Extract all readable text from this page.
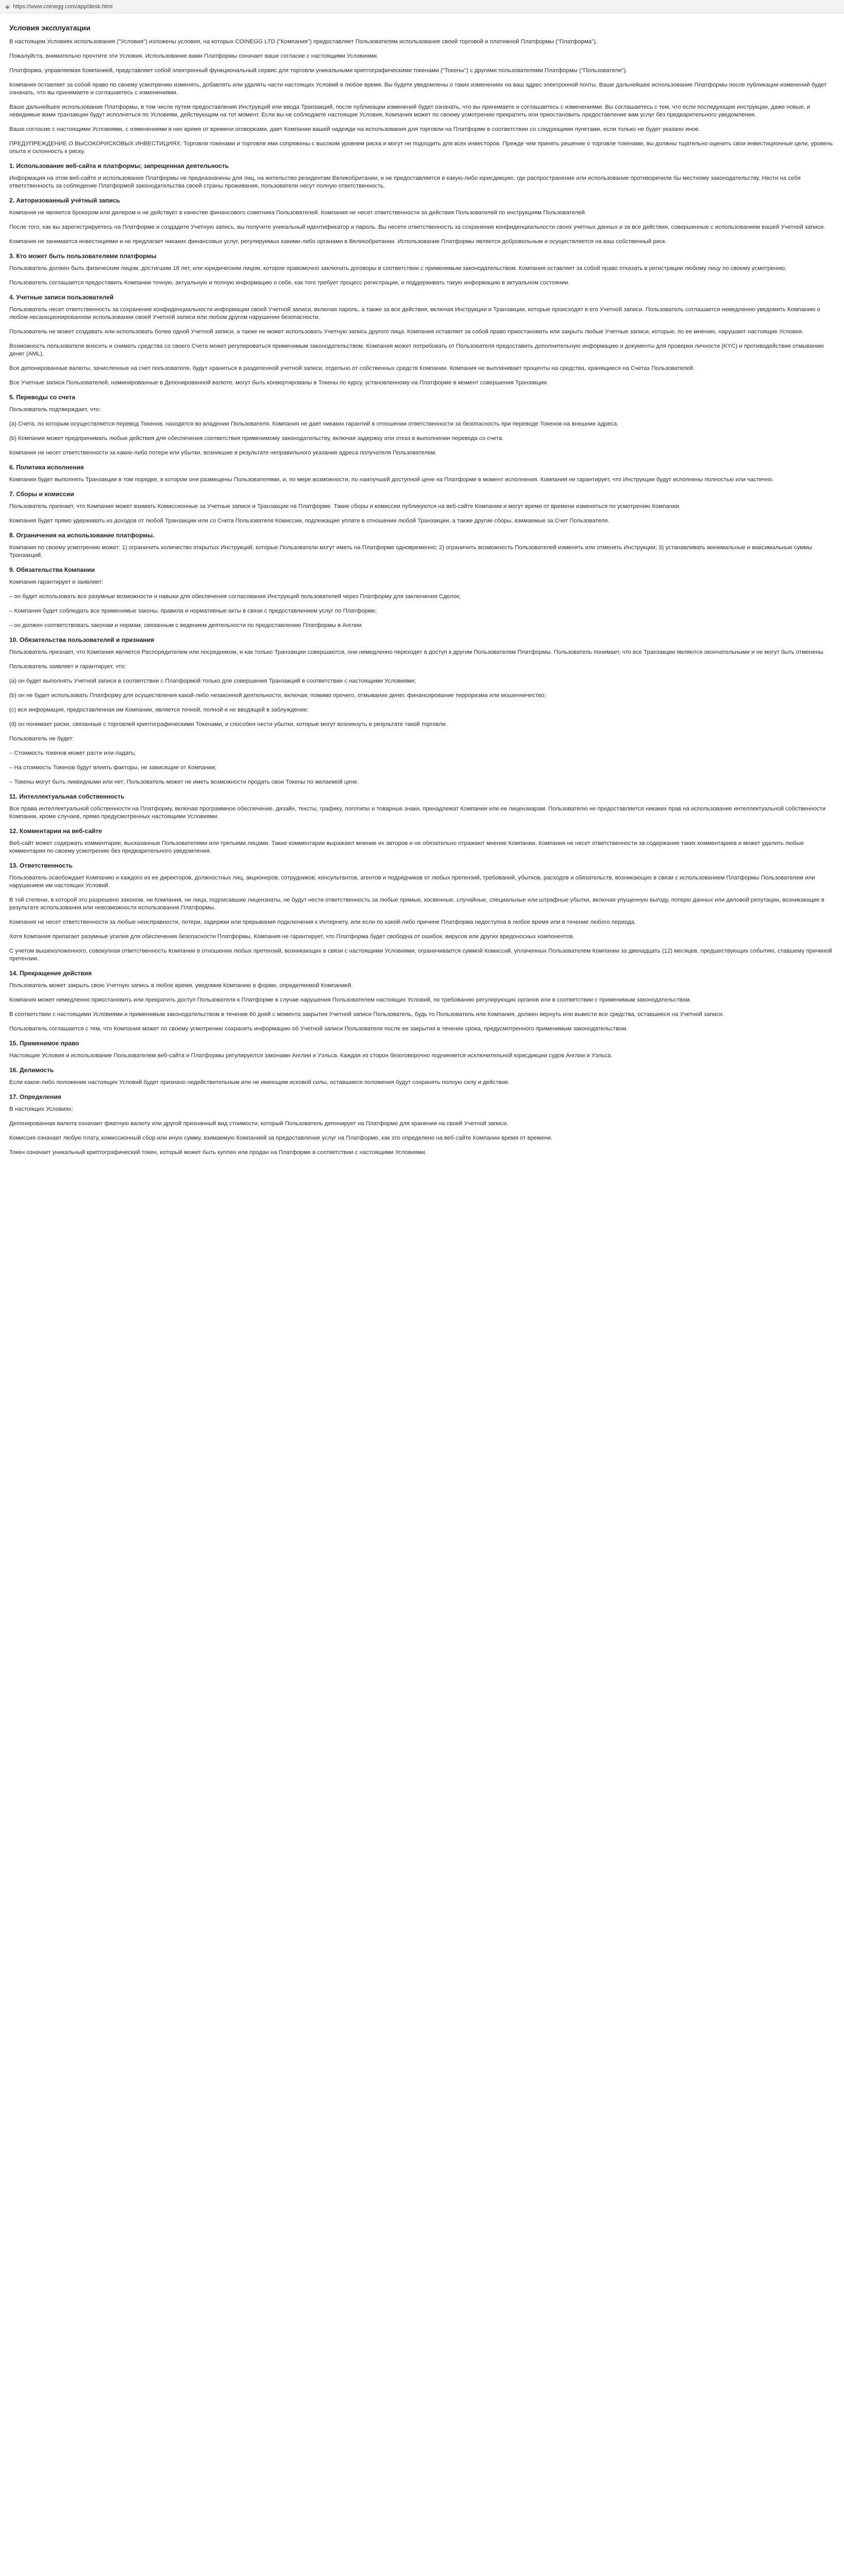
◈ https://www.coinegg.com/app/desk.html
Условия эксплуатации

В настоящем Условиях использования ("Условия") изложены условия, на которых COINEGG LTD ("Компания") предоставляет Пользователям использование своей торговой и платежной Платформы ("Платформа").

Пожалуйста, внимательно прочтите эти Условия. Использование вами Платформы означает ваше согласие с настоящими Условиями.

Платформа, управляемая Компанией, представляет собой электронный функциональный сервис для торговли уникальными криптографическими токенами ("Токены") с другими пользователями Платформы ("Пользователи").

Компания оставляет за собой право по своему усмотрению изменять, добавлять или удалять части настоящих Условий в любое время. Вы будете уведомлены о таких изменениях на ваш адрес электронной почты. Ваше дальнейшее использование Платформы после публикации изменений будет означать, что вы принимаете и соглашаетесь с изменениями.

Ваше дальнейшее использование Платформы, в том числе путем предоставления Инструкций или ввода Транзакций, после публикации изменений будет означать, что вы принимаете и соглашаетесь с изменениями. Вы соглашаетесь с тем, что если последующие инструкции, даже новые, и невидимые вами транзакции будут исполняться по Условиям, действующим на тот момент. Если вы не соблюдаете настоящие Условия, Компания может по своему усмотрению прекратить или приостановить предоставление вам услуг без предварительного уведомления.

Ваше согласие с настоящими Условиями, с изменениями в них время от времени оговорками, дает Компании вашей надежде на использования для торговли на Платформе в соответствии со следующими пунктами, если только не будет указано иное.

ПРЕДУПРЕЖДЕНИЕ О ВЫСОКОРИСКОВЫХ ИНВЕСТИЦИЯХ: Торговля токенами и торговля ими сопряжены с высоким уровнем риска и могут не подходить для всех инвесторов. Прежде чем принять решение о торговле токенами, вы должны тщательно оценить свои инвестиционные цели, уровень опыта и склонность к риску.

1. Использование веб-сайта и платформы; запрещенная деятельность

Информация на этом веб-сайте и использование Платформы не предназначены для лиц, на жительство резидентам Великобритании, и не предоставляется в какую-либо юрисдикцию, где распространение или использование противоречили бы местному законодательству. Нести на себя ответственность за соблюдение Платформой законодательства своей страны проживания, пользователи несут полную ответственность.

2. Авторизованный учётный запись

Компания не является брокером или дилером и не действует в качестве финансового советника Пользователей. Компания не несет ответственности за действия Пользователей по инструкциям Пользователей.

После того, как вы зарегистрируетесь на Платформе и создадите Учетную запись, вы получите уникальный идентификатор и пароль. Вы несете ответственность за сохранение конфиденциальности своих учетных данных и за все действия, совершенные с использованием вашей Учетной записи.

Компания не занимается инвестициями и не предлагает никаких финансовых услуг, регулируемых какими-либо органами в Великобритании. Использование Платформы является добровольным и осуществляется на ваш собственный риск.

3. Кто может быть пользователями платформы

Пользователь должен быть физическим лицом, достигшим 18 лет, или юридическим лицом, которое правомочно заключать договоры в соответствии с применимым законодательством. Компания оставляет за собой право отказать в регистрации любому лицу по своему усмотрению.

Пользователь соглашается предоставить Компании точную, актуальную и полную информацию о себе, как того требует процесс регистрации, и поддерживать такую информацию в актуальном состоянии.

4. Учетные записи пользователей

Пользователь несет ответственность за сохранение конфиденциальности информации своей Учетной записи, включая пароль, а также за все действия, включая Инструкции и Транзакции, которые происходят в его Учетной записи. Пользователь соглашается немедленно уведомить Компанию о любом несанкционированном использовании своей Учетной записи или любом другом нарушении безопасности.

Пользователь не может создавать или использовать более одной Учетной записи, а также не может использовать Учетную запись другого лица. Компания оставляет за собой право приостановить или закрыть любые Учетные записи, которые, по ее мнению, нарушают настоящие Условия.

Возможность пользователя вносить и снимать средства со своего Счета может регулироваться применимым законодательством. Компания может потребовать от Пользователя предоставить дополнительную информацию и документы для проверки личности (KYC) и противодействия отмыванию денег (AML).

Все депонированные валюты, зачисленные на счет пользователя, будут храниться в разделенной учетной записи, отдельно от собственных средств Компании. Компания не выплачивает проценты на средства, хранящиеся на Счетах Пользователей.

Все Учетные записи Пользователей, номинированные в Депонированной валюте, могут быть конвертированы в Токены по курсу, установленному на Платформе в момент совершения Транзакции.

5. Переводы со счета

Пользователь подтверждает, что:

(a) Счета, по которым осуществляется перевод Токенов, находятся во владении Пользователя. Компания не дает никаких гарантий в отношении ответственности за безопасность при переводе Токенов на внешние адреса.

(b) Компания может предпринимать любые действия для обеспечения соответствия применимому законодательству, включая задержку или отказ в выполнении перевода со счета.

Компания не несет ответственности за какие-либо потери или убытки, возникшие в результате неправильного указания адреса получателя Пользователем.

6. Политика исполнения

Компания будет выполнять Транзакции в том порядке, в котором они размещены Пользователями, и, по мере возможности, по наилучшей доступной цене на Платформе в момент исполнения. Компания не гарантирует, что Инструкции будут исполнены полностью или частично.

7. Сборы и комиссии

Пользователь признает, что Компания может взимать Комиссионные за Учетные записи и Транзакции на Платформе. Такие сборы и комиссии публикуются на веб-сайте Компании и могут время от времени изменяться по усмотрению Компании.

Компания будет прямо удерживать из доходов от любой Транзакции или со Счета Пользователя Комиссии, подлежащие уплате в отношении любой Транзакции, а также другие сборы, взимаемые за Счет Пользователя.

8. Ограничения на использование платформы.

Компания по своему усмотрению может: 1) ограничить количество открытых Инструкций, которые Пользователи могут иметь на Платформе одновременно; 2) ограничить возможность Пользователей изменять или отменять Инструкции; 3) устанавливать минимальные и максимальные суммы Транзакций.

9. Обязательства Компании

Компания гарантирует и заявляет:

– он будет использовать все разумные возможности и навыки для обеспечения согласования Инструкций пользователей через Платформу для заключения Сделок;

– Компания будет соблюдать все применимые законы, правила и нормативные акты в связи с предоставлением услуг по Платформе;

– он должен соответствовать законам и нормам, связанным с ведением деятельности по предоставлению Платформы в Англии.

10. Обязательства пользователей и признания

Пользователь признает, что Компания является Распорядителем или посредником, и как только Транзакции совершаются, они немедленно переходят в доступ к другим Пользователям Платформы. Пользователь понимает, что все Транзакции являются окончательными и не могут быть отменены.

Пользователь заявляет и гарантирует, что:

(a) он будет выполнять Учетной записи в соответствии с Платформой только для совершения Транзакций в соответствии с настоящими Условиями;

(b) он не будет использовать Платформу для осуществления какой-либо незаконной деятельности, включая, помимо прочего, отмывание денег, финансирование терроризма или мошенничество;

(c) вся информация, предоставленная им Компании, является точной, полной и не вводящей в заблуждение;

(d) он понимает риски, связанные с торговлей криптографическими Токенами, и способен нести убытки, которые могут возникнуть в результате такой торговли.

Пользователь не будет:

– Стоимость токенов может расти или падать;

– На стоимость Токенов будут влиять факторы, не зависящие от Компании;

– Токены могут быть ликвидными или нет; Пользователь может не иметь возможности продать свои Токены по желаемой цене.

11. Интеллектуальная собственность

Все права интеллектуальной собственности на Платформу, включая программное обеспечение, дизайн, тексты, графику, логотипы и товарные знаки, принадлежат Компании или ее лицензиарам. Пользователю не предоставляется никаких прав на использование интеллектуальной собственности Компании, кроме случаев, прямо предусмотренных настоящими Условиями.

12. Комментарии на веб-сайте

Веб-сайт может содержать комментарии, высказанные Пользователями или третьими лицами. Такие комментарии выражают мнение их авторов и не обязательно отражают мнение Компании. Компания не несет ответственности за содержание таких комментариев и может удалить любые комментарии по своему усмотрению без предварительного уведомления.

13. Ответственность

Пользователь освобождает Компанию и каждого из ее директоров, должностных лиц, акционеров, сотрудников, консультантов, агентов и подрядчиков от любых претензий, требований, убытков, расходов и обязательств, возникающих в связи с использованием Платформы Пользователем или нарушением им настоящих Условий.

В той степени, в которой это разрешено законом, ни Компания, ни лица, подписавшие лицензиаты, не будут нести ответственность за любые прямые, косвенные, случайные, специальные или штрафные убытки, включая упущенную выгоду, потерю данных или деловой репутации, возникающие в результате использования или невозможности использования Платформы.

Компания не несет ответственности за любые неисправности, потери, задержки или прерывания подключения к Интернету, или если по какой-либо причине Платформа недоступна в любое время или в течение любого периода.

Хотя Компания прилагает разумные усилия для обеспечения безопасности Платформы, Компания не гарантирует, что Платформа будет свободна от ошибок, вирусов или других вредоносных компонентов.

С учетом вышеизложенного, совокупная ответственность Компании в отношении любых претензий, возникающих в связи с настоящими Условиями, ограничивается суммой Комиссий, уплаченных Пользователем Компании за двенадцать (12) месяцев, предшествующих событию, ставшему причиной претензии.

14. Прекращение действия

Пользователь может закрыть свою Учетную запись в любое время, уведомив Компанию в форме, определяемой Компанией.

Компания может немедленно приостановить или прекратить доступ Пользователя к Платформе в случае нарушения Пользователем настоящих Условий, по требованию регулирующих органов или в соответствии с применимым законодательством.

В соответствии с настоящими Условиями и применимым законодательством в течение 60 дней с момента закрытия Учетной записи Пользователь, будь то Пользователь или Компания, должен вернуть или вывести все средства, оставшиеся на Учетной записи.

Пользователь соглашается с тем, что Компания может по своему усмотрению сохранять информацию об Учетной записи Пользователя после ее закрытия в течение срока, предусмотренного применимым законодательством.

15. Применимое право

Настоящие Условия и использование Пользователем веб-сайта и Платформы регулируются законами Англии и Уэльса. Каждая из сторон безоговорочно подчиняется исключительной юрисдикции судов Англии и Уэльса.

16. Делимость

Если какое-либо положение настоящих Условий будет признано недействительным или не имеющим исковой силы, оставшиеся положения будут сохранять полную силу и действие.

17. Определения

В настоящих Условиях:

Депонированная валюта означает фиатную валюту или другой признанный вид стоимости, который Пользователь депонирует на Платформе для хранения на своей Учетной записи.

Комиссия означает любую плату, комиссионный сбор или иную сумму, взимаемую Компанией за предоставление услуг на Платформе, как это определено на веб-сайте Компании время от времени.

Токен означает уникальный криптографический токен, который может быть куплен или продан на Платформе в соответствии с настоящими Условиями.
